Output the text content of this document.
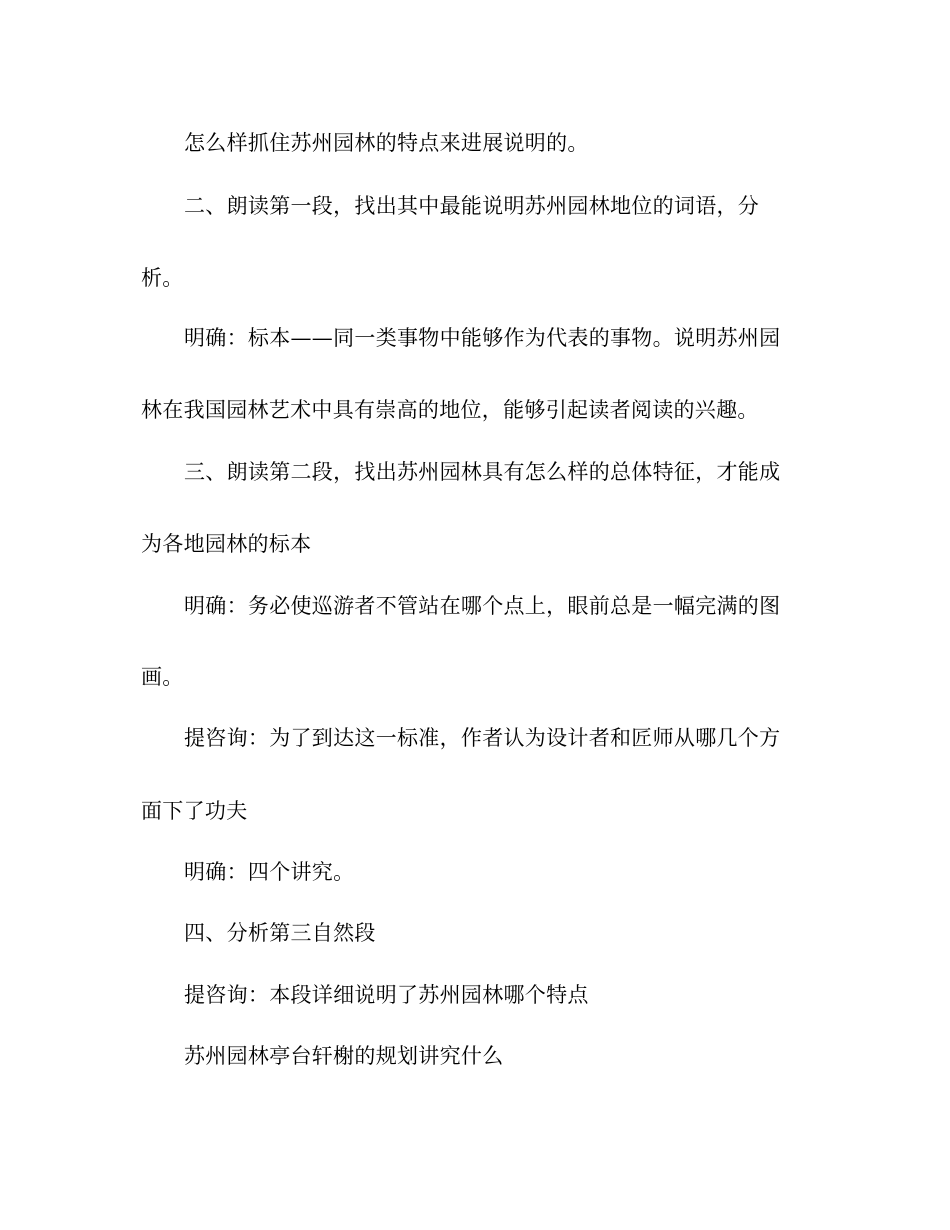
怎么样抓住苏州园林的特点来进展说明的。
二、朗读第一段，找出其中最能说明苏州园林地位的词语，分
析。
明确：标本——同一类事物中能够作为代表的事物。说明苏州园
林在我国园林艺术中具有崇高的地位，能够引起读者阅读的兴趣。
三、朗读第二段，找出苏州园林具有怎么样的总体特征，才能成
为各地园林的标本
明确：务必使巡游者不管站在哪个点上，眼前总是一幅完满的图
画。
提咨询：为了到达这一标准，作者认为设计者和匠师从哪几个方
面下了功夫
明确：四个讲究。
四、分析第三自然段
提咨询：本段详细说明了苏州园林哪个特点
苏州园林亭台轩榭的规划讲究什么
